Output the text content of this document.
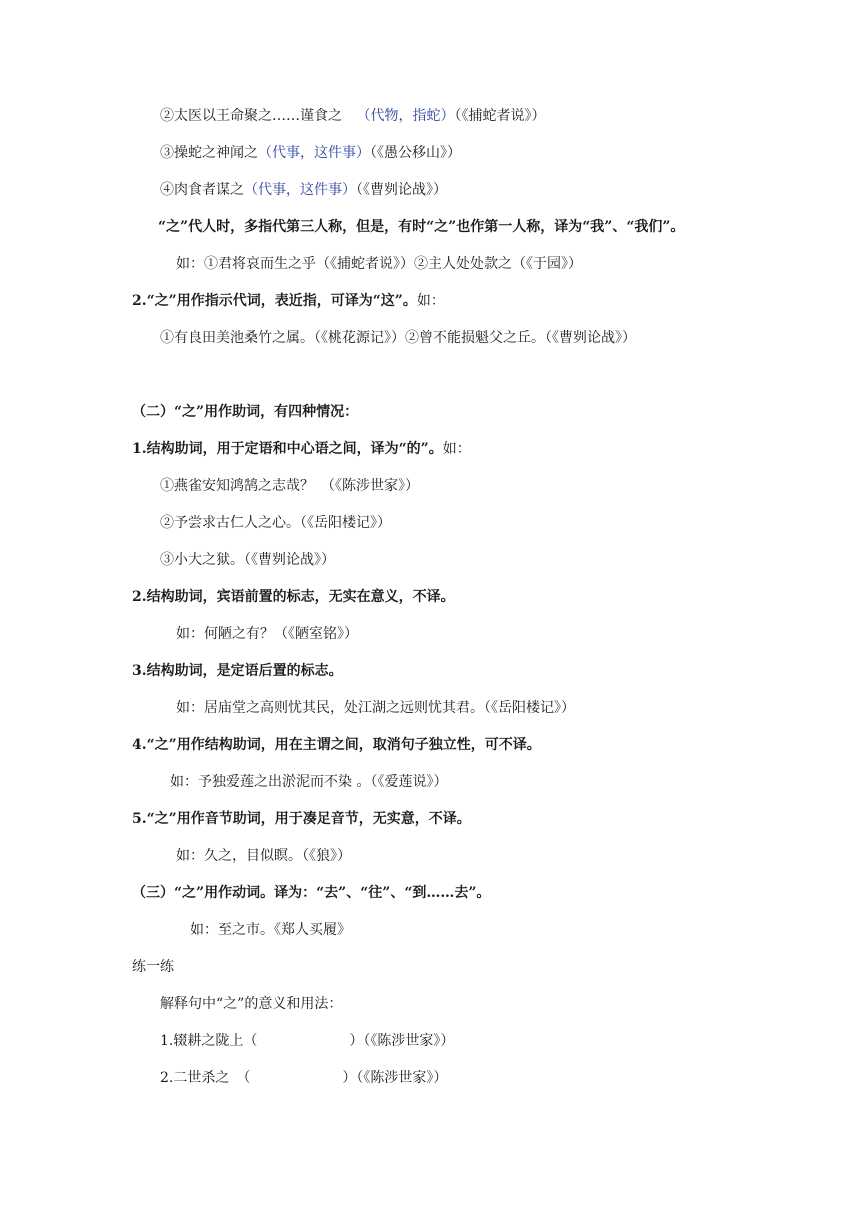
②太医以王命聚之……谨食之 （代物，指蛇）（《捕蛇者说》）
③操蛇之神闻之（代事，这件事）（《愚公移山》）
④肉食者谋之（代事，这件事）（《曹刿论战》）
“之”代人时，多指代第三人称，但是，有时“之”也作第一人称，译为“我”、“我们”。
如：①君将哀而生之乎（《捕蛇者说》）②主人处处款之（《于园》）
2.“之”用作指示代词，表近指，可译为“这”。如：
①有良田美池桑竹之属。（《桃花源记》）②曾不能损魁父之丘。（《曹刿论战》）
（二）“之”用作助词，有四种情况：
1.结构助词，用于定语和中心语之间，译为“的”。如：
①燕雀安知鸿鹄之志哉？　（《陈涉世家》）
②予尝求古仁人之心。（《岳阳楼记》）
③小大之狱。（《曹刿论战》）
2.结构助词，宾语前置的标志，无实在意义，不译。
如：何陋之有？（《陋室铭》）
3.结构助词，是定语后置的标志。
如：居庙堂之高则忧其民，处江湖之远则忧其君。（《岳阳楼记》）
4.“之”用作结构助词，用在主谓之间，取消句子独立性，可不译。
如：予独爱莲之出淤泥而不染 。（《爱莲说》）
5.“之”用作音节助词，用于凑足音节，无实意，不译。
如：久之，目似瞑。（《狼》）
（三）“之”用作动词。译为：“去”、“往”、“到……去”。
如：至之市。《郑人买履》
练一练
解释句中“之”的意义和用法：
1.辍耕之陇上（	）（《陈涉世家》）
2.二世杀之　（	）（《陈涉世家》）
